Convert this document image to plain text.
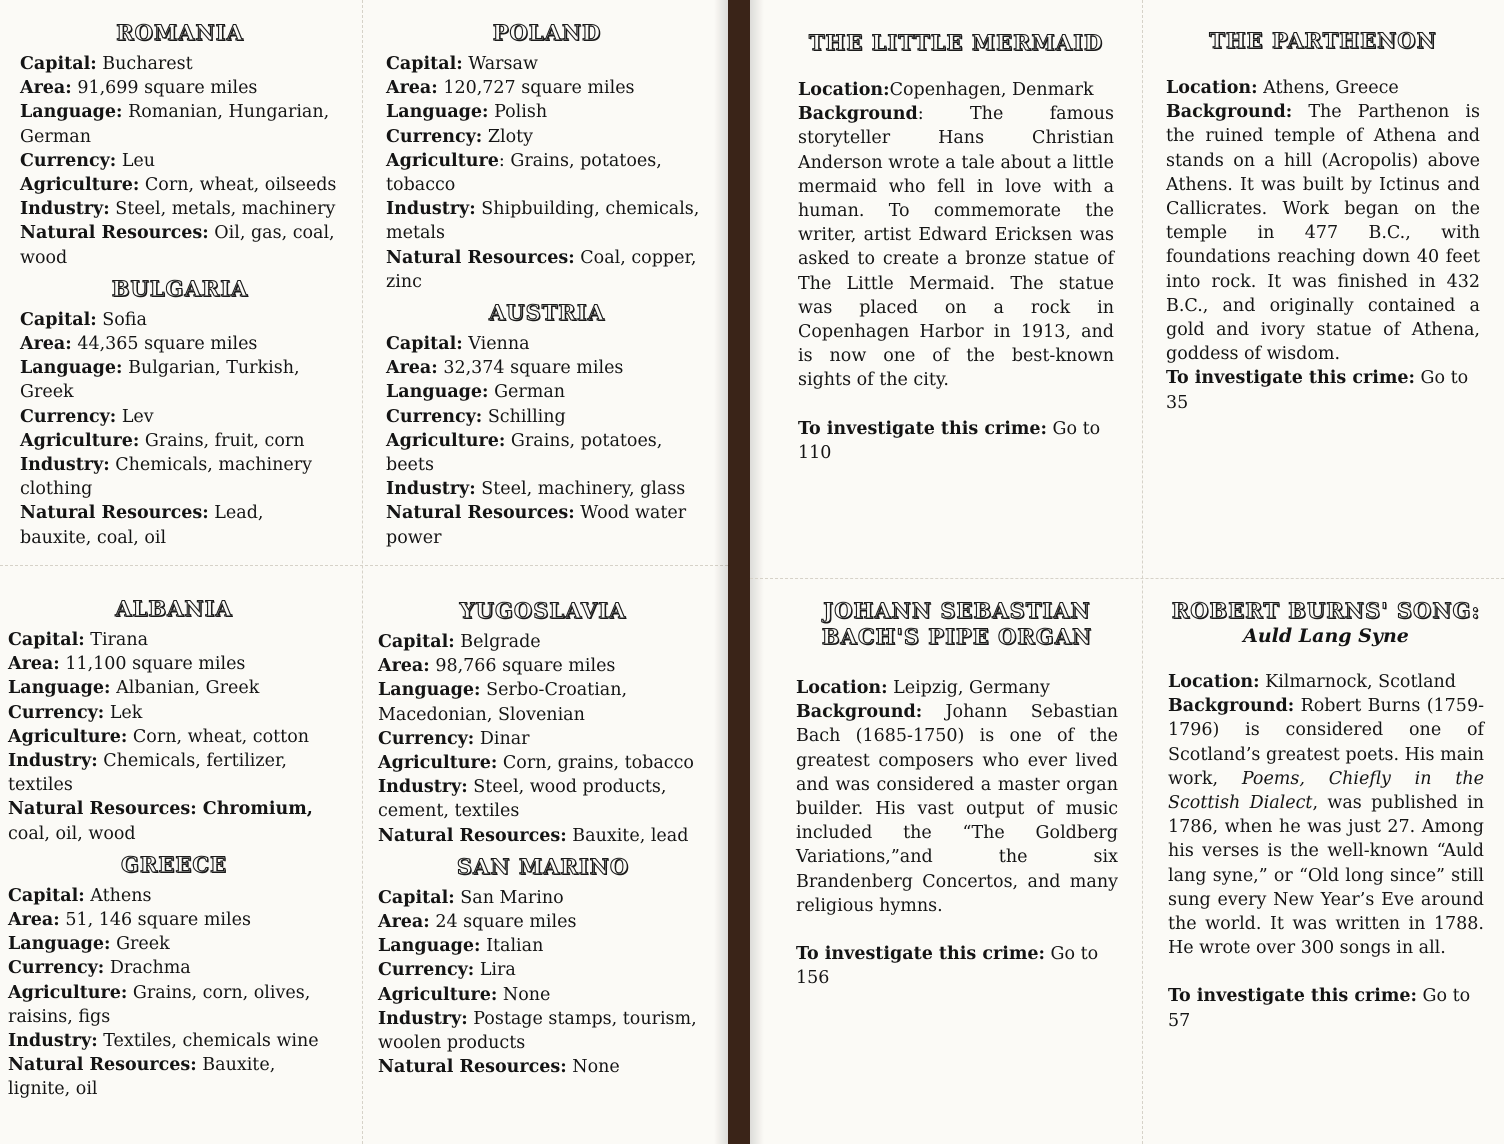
ROMANIA

Capital: Bucharest

Area: 91,699 square miles

Language: Romanian, Hungarian, German

Currency: Leu

Agriculture: Corn, wheat, oilseeds

Industry: Steel, metals, machinery

Natural Resources: Oil, gas, coal, wood

BULGARIA

Capital: Sofia

Area: 44,365 square miles

Language: Bulgarian, Turkish, Greek

Currency: Lev

Agriculture: Grains, fruit, corn

Industry: Chemicals, machinery clothing

Natural Resources: Lead, bauxite, coal, oil

POLAND

Capital: Warsaw

Area: 120,727 square miles

Language: Polish

Currency: Zloty

Agriculture: Grains, potatoes, tobacco

Industry: Shipbuilding, chemicals, metals

Natural Resources: Coal, copper, zinc

AUSTRIA

Capital: Vienna

Area: 32,374 square miles

Language: German

Currency: Schilling

Agriculture: Grains, potatoes, beets

Industry: Steel, machinery, glass

Natural Resources: Wood water power

ALBANIA

Capital: Tirana

Area: 11,100 square miles

Language: Albanian, Greek

Currency: Lek

Agriculture: Corn, wheat, cotton

Industry: Chemicals, fertilizer, textiles

Natural Resources: Chromium, coal, oil, wood

GREECE

Capital: Athens

Area: 51, 146 square miles

Language: Greek

Currency: Drachma

Agriculture: Grains, corn, olives, raisins, figs

Industry: Textiles, chemicals wine

Natural Resources: Bauxite, lignite, oil

YUGOSLAVIA

Capital: Belgrade

Area: 98,766 square miles

Language: Serbo-Croatian, Macedonian, Slovenian

Currency: Dinar

Agriculture: Corn, grains, tobacco

Industry: Steel, wood products, cement, textiles

Natural Resources: Bauxite, lead

SAN MARINO

Capital: San Marino

Area: 24 square miles

Language: Italian

Currency: Lira

Agriculture: None

Industry: Postage stamps, tourism, woolen products

Natural Resources: None

THE LITTLE MERMAID

Location:Copenhagen, Denmark

Background: The famous storyteller Hans Christian Anderson wrote a tale about a little mermaid who fell in love with a human. To commemorate the writer, artist Edward Ericksen was asked to create a bronze statue of The Little Mermaid. The statue was placed on a rock in Copenhagen Harbor in 1913, and is now one of the best-known sights of the city.

To investigate this crime: Go to 110

THE PARTHENON

Location: Athens, Greece

Background: The Parthenon is the ruined temple of Athena and stands on a hill (Acropolis) above Athens. It was built by Ictinus and Callicrates. Work began on the temple in 477 B.C., with foundations reaching down 40 feet into rock. It was finished in 432 B.C., and originally contained a gold and ivory statue of Athena, goddess of wisdom.

To investigate this crime: Go to 35

JOHANN SEBASTIAN
BACH'S PIPE ORGAN

Location: Leipzig, Germany

Background: Johann Sebastian Bach (1685-1750) is one of the greatest composers who ever lived and was considered a master organ builder. His vast output of music included the “The Goldberg Variations,”and the six Brandenberg Concertos, and many religious hymns.

To investigate this crime: Go to 156

ROBERT BURNS' SONG:
Auld Lang Syne

Location: Kilmarnock, Scotland

Background: Robert Burns (1759-1796) is considered one of Scotland’s greatest poets. His main work, Poems, Chiefly in the Scottish Dialect, was published in 1786, when he was just 27. Among his verses is the well-known “Auld lang syne,” or “Old long since” still sung every New Year’s Eve around the world. It was written in 1788. He wrote over 300 songs in all.

To investigate this crime: Go to 57
